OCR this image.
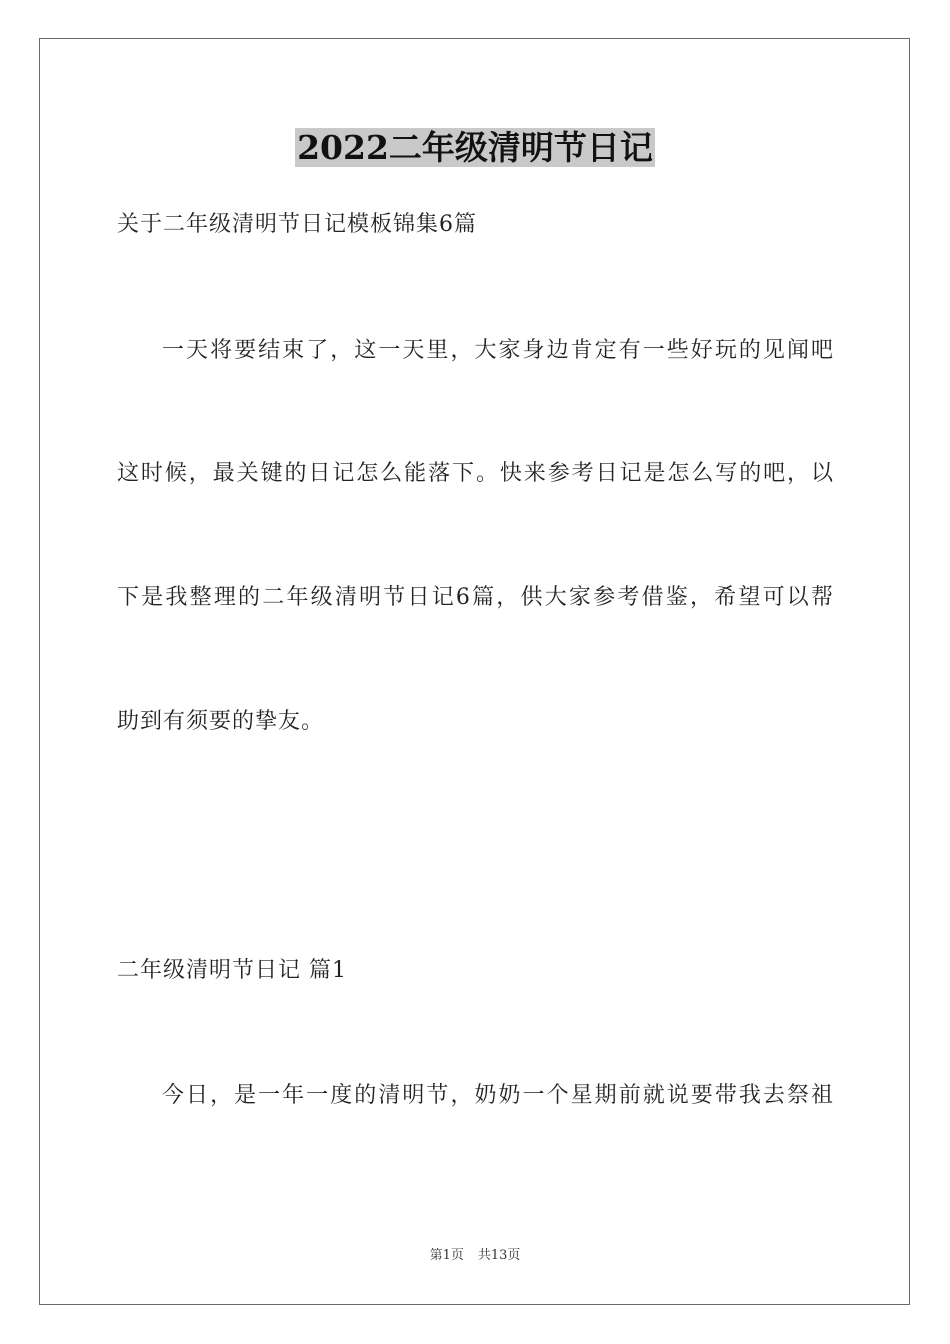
2022二年级清明节日记
关于二年级清明节日记模板锦集6篇
一天将要结束了，这一天里，大家身边肯定有一些好玩的见闻吧
这时候，最关键的日记怎么能落下。快来参考日记是怎么写的吧，以
下是我整理的二年级清明节日记6篇，供大家参考借鉴，希望可以帮
助到有须要的挚友。
二年级清明节日记 篇1
今日，是一年一度的清明节，奶奶一个星期前就说要带我去祭祖
第1页 共13页
